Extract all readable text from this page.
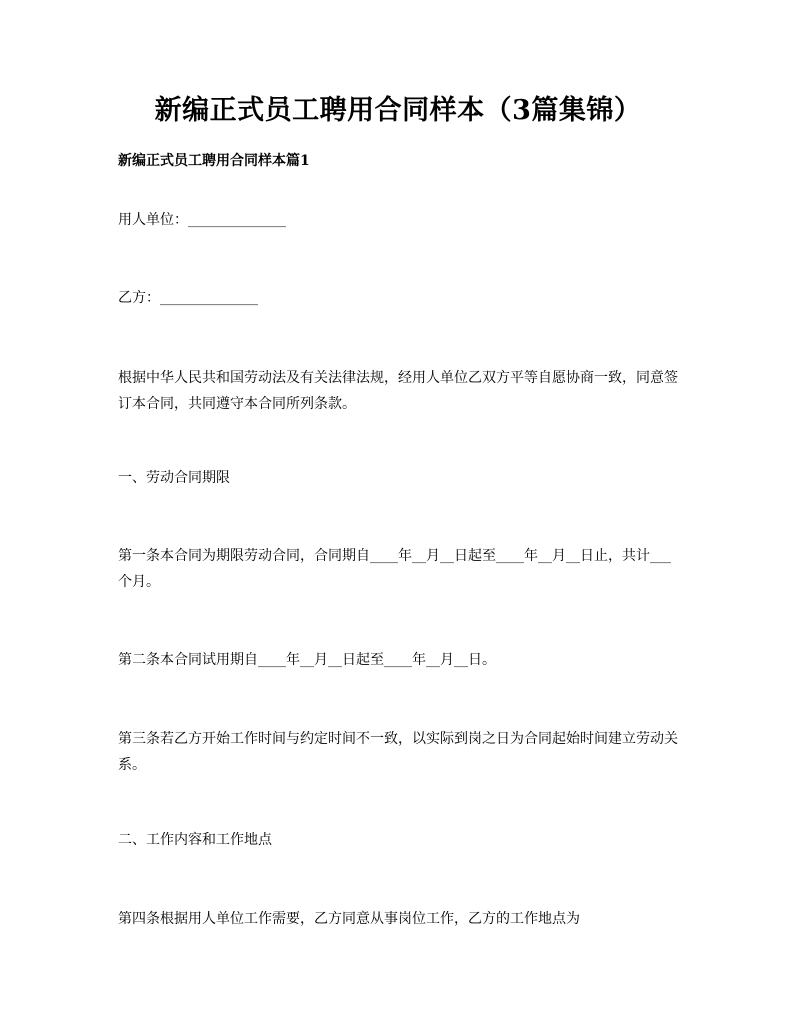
新编正式员工聘用合同样本（3篇集锦）
新编正式员工聘用合同样本篇1

用人单位：______________

乙方：______________

根据中华人民共和国劳动法及有关法律法规，经用人单位乙双方平等自愿协商一致，同意签订本合同，共同遵守本合同所列条款。

一、劳动合同期限

第一条本合同为期限劳动合同，合同期自____年__月__日起至____年__月__日止，共计___个月。

第二条本合同试用期自____年__月__日起至____年__月__日。

第三条若乙方开始工作时间与约定时间不一致，以实际到岗之日为合同起始时间建立劳动关系。

二、工作内容和工作地点

第四条根据用人单位工作需要，乙方同意从事岗位工作，乙方的工作地点为
